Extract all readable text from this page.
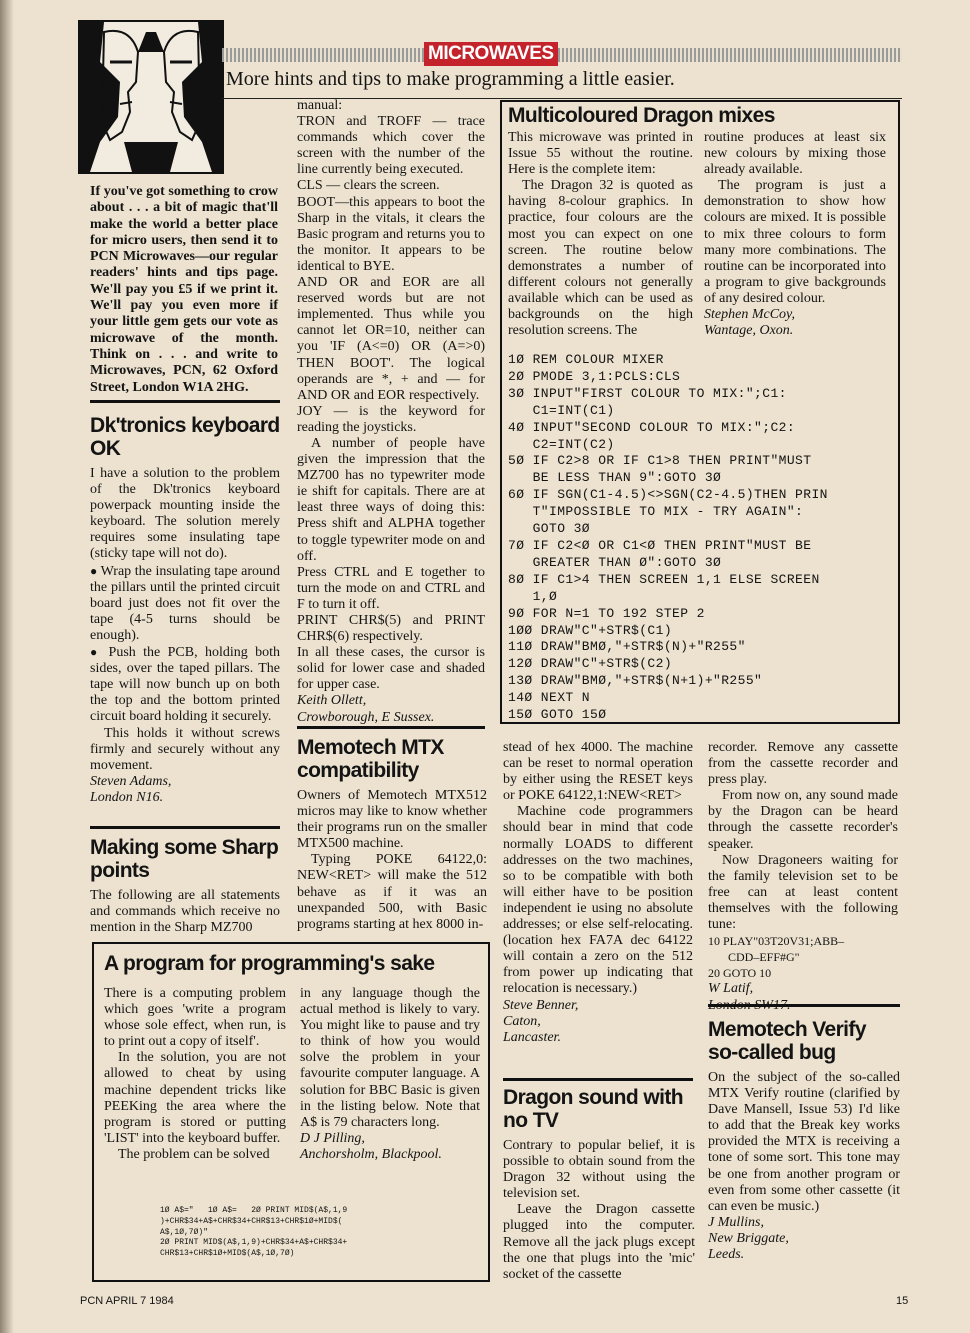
MICROWAVES
More hints and tips to make programming a little easier.
If you've got something to crow about . . . a bit of magic that'll make the world a better place for micro users, then send it to PCN Microwaves—our regular readers' hints and tips page. We'll pay you £5 if we print it. We'll pay you even more if your little gem gets our vote as microwave of the month. Think on . . . and write to Microwaves, PCN, 62 Oxford Street, London W1A 2HG.

Dk'tronics keyboard OK

I have a solution to the problem of the Dk'tronics keyboard powerpack mounting inside the keyboard. The solution merely requires some insulating tape (sticky tape will not do).

● Wrap the insulating tape around the pillars until the printed circuit board just does not fit over the tape (4-5 turns should be enough).

● Push the PCB, holding both sides, over the taped pillars. The tape will now bunch up on both the top and the bottom printed circuit board holding it securely.

This holds it without screws firmly and securely without any movement.

Steven Adams,

London N16.

Making some Sharp points

The following are all statements and commands which receive no mention in the Sharp MZ700

manual:

TRON and TROFF — trace commands which cover the screen with the number of the line currently being executed.

CLS — clears the screen.

BOOT—this appears to boot the Sharp in the vitals, it clears the Basic program and returns you to the monitor. It appears to be identical to BYE.

AND OR and EOR are all reserved words but are not implemented. Thus while you cannot let OR=10, neither can you 'IF (A<=0) OR (A=>0) THEN BOOT'. The logical operands are *, + and — for AND OR and EOR respectively.

JOY — is the keyword for reading the joysticks.

A number of people have given the impression that the MZ700 has no typewriter mode ie shift for capitals. There are at least three ways of doing this: Press shift and ALPHA together to toggle typewriter mode on and off.

Press CTRL and E together to turn the mode on and CTRL and F to turn it off.

PRINT CHR$(5) and PRINT CHR$(6) respectively.

In all these cases, the cursor is solid for lower case and shaded for upper case.

Keith Ollett,

Crowborough, E Sussex.

Memotech MTX compatibility

Owners of Memotech MTX512 micros may like to know whether their programs run on the smaller MTX500 machine.

Typing POKE 64122,0: NEW<RET> will make the 512 behave as if it was an unexpanded 500, with Basic programs starting at hex 8000 in-

Multicoloured Dragon mixes

This microwave was printed in Issue 55 without the routine. Here is the complete item:

The Dragon 32 is quoted as having 8-colour graphics. In practice, four colours are the most you can expect on one screen. The routine below demonstrates a number of different colours not generally available which can be used as backgrounds on the high resolution screens. The

routine produces at least six new colours by mixing those already available.

The program is just a demonstration to show how colours are mixed. It is possible to mix three colours to form many more combinations. The routine can be incorporated into a program to give backgrounds of any desired colour.

Stephen McCoy,

Wantage, Oxon.

1Ø REM COLOUR MIXER
2Ø PMODE 3,1:PCLS:CLS
3Ø INPUT"FIRST COLOUR TO MIX:";C1:
C1=INT(C1)
4Ø INPUT"SECOND COLOUR TO MIX:";C2:
C2=INT(C2)
5Ø IF C2>8 OR IF C1>8 THEN PRINT"MUST
BE LESS THAN 9":GOTO 3Ø
6Ø IF SGN(C1-4.5)<>SGN(C2-4.5)THEN PRIN
T"IMPOSSIBLE TO MIX - TRY AGAIN":
GOTO 3Ø
7Ø IF C2<Ø OR C1<Ø THEN PRINT"MUST BE
GREATER THAN Ø":GOTO 3Ø
8Ø IF C1>4 THEN SCREEN 1,1 ELSE SCREEN
1,Ø
9Ø FOR N=1 TO 192 STEP 2
1ØØ DRAW"C"+STR$(C1)
11Ø DRAW"BMØ,"+STR$(N)+"R255"
12Ø DRAW"C"+STR$(C2)
13Ø DRAW"BMØ,"+STR$(N+1)+"R255"
14Ø NEXT N
15Ø GOTO 15Ø

stead of hex 4000. The machine can be reset to normal operation by either using the RESET keys or POKE 64122,1:NEW<RET>

Machine code programmers should bear in mind that code normally LOADS to different addresses on the two machines, so to be compatible with both will either have to be position independent ie using no absolute addresses; or else self-relocating. (location hex FA7A dec 64122 will contain a zero on the 512 from power up indicating that relocation is necessary.)

Steve Benner,

Caton,

Lancaster.

Dragon sound with no TV

Contrary to popular belief, it is possible to obtain sound from the Dragon 32 without using the television set.

Leave the Dragon cassette plugged into the computer. Remove all the jack plugs except the one that plugs into the 'mic' socket of the cassette

recorder. Remove any cassette from the cassette recorder and press play.

From now on, any sound made by the Dragon can be heard through the cassette recorder's speaker.

Now Dragoneers waiting for the family television set to be free can at least content themselves with the following tune:

10 PLAY"03T20V31;ABB–

CDD–EFF#G"

20 GOTO 10

W Latif,

Memotech Verify so-called bug

On the subject of the so-called MTX Verify routine (clarified by Dave Mansell, Issue 53) I'd like to add that the Break key works provided the MTX is receiving a tone of some sort. This tone may be one from another program or even from some other cassette (it can even be music.)

J Mullins,

New Briggate,

Leeds.

A program for programming's sake

There is a computing problem which goes 'write a program whose sole effect, when run, is to print out a copy of itself'.

In the solution, you are not allowed to cheat by using machine dependent tricks like PEEKing the area where the program is stored or putting 'LIST' into the keyboard buffer.

The problem can be solved

in any language though the actual method is likely to vary. You might like to pause and try to think of how you would solve the problem in your favourite computer language. A solution for BBC Basic is given in the listing below. Note that A$ is 79 characters long.

D J Pilling,

Anchorsholm, Blackpool.

1Ø A$="   1Ø A$=   2Ø PRINT MID$(A$,1,9
)+CHR$34+A$+CHR$34+CHR$13+CHR$1Ø+MID$(
A$,1Ø,7Ø)"
2Ø PRINT MID$(A$,1,9)+CHR$34+A$+CHR$34+
CHR$13+CHR$1Ø+MID$(A$,1Ø,7Ø)
PCN APRIL 7 1984	15
